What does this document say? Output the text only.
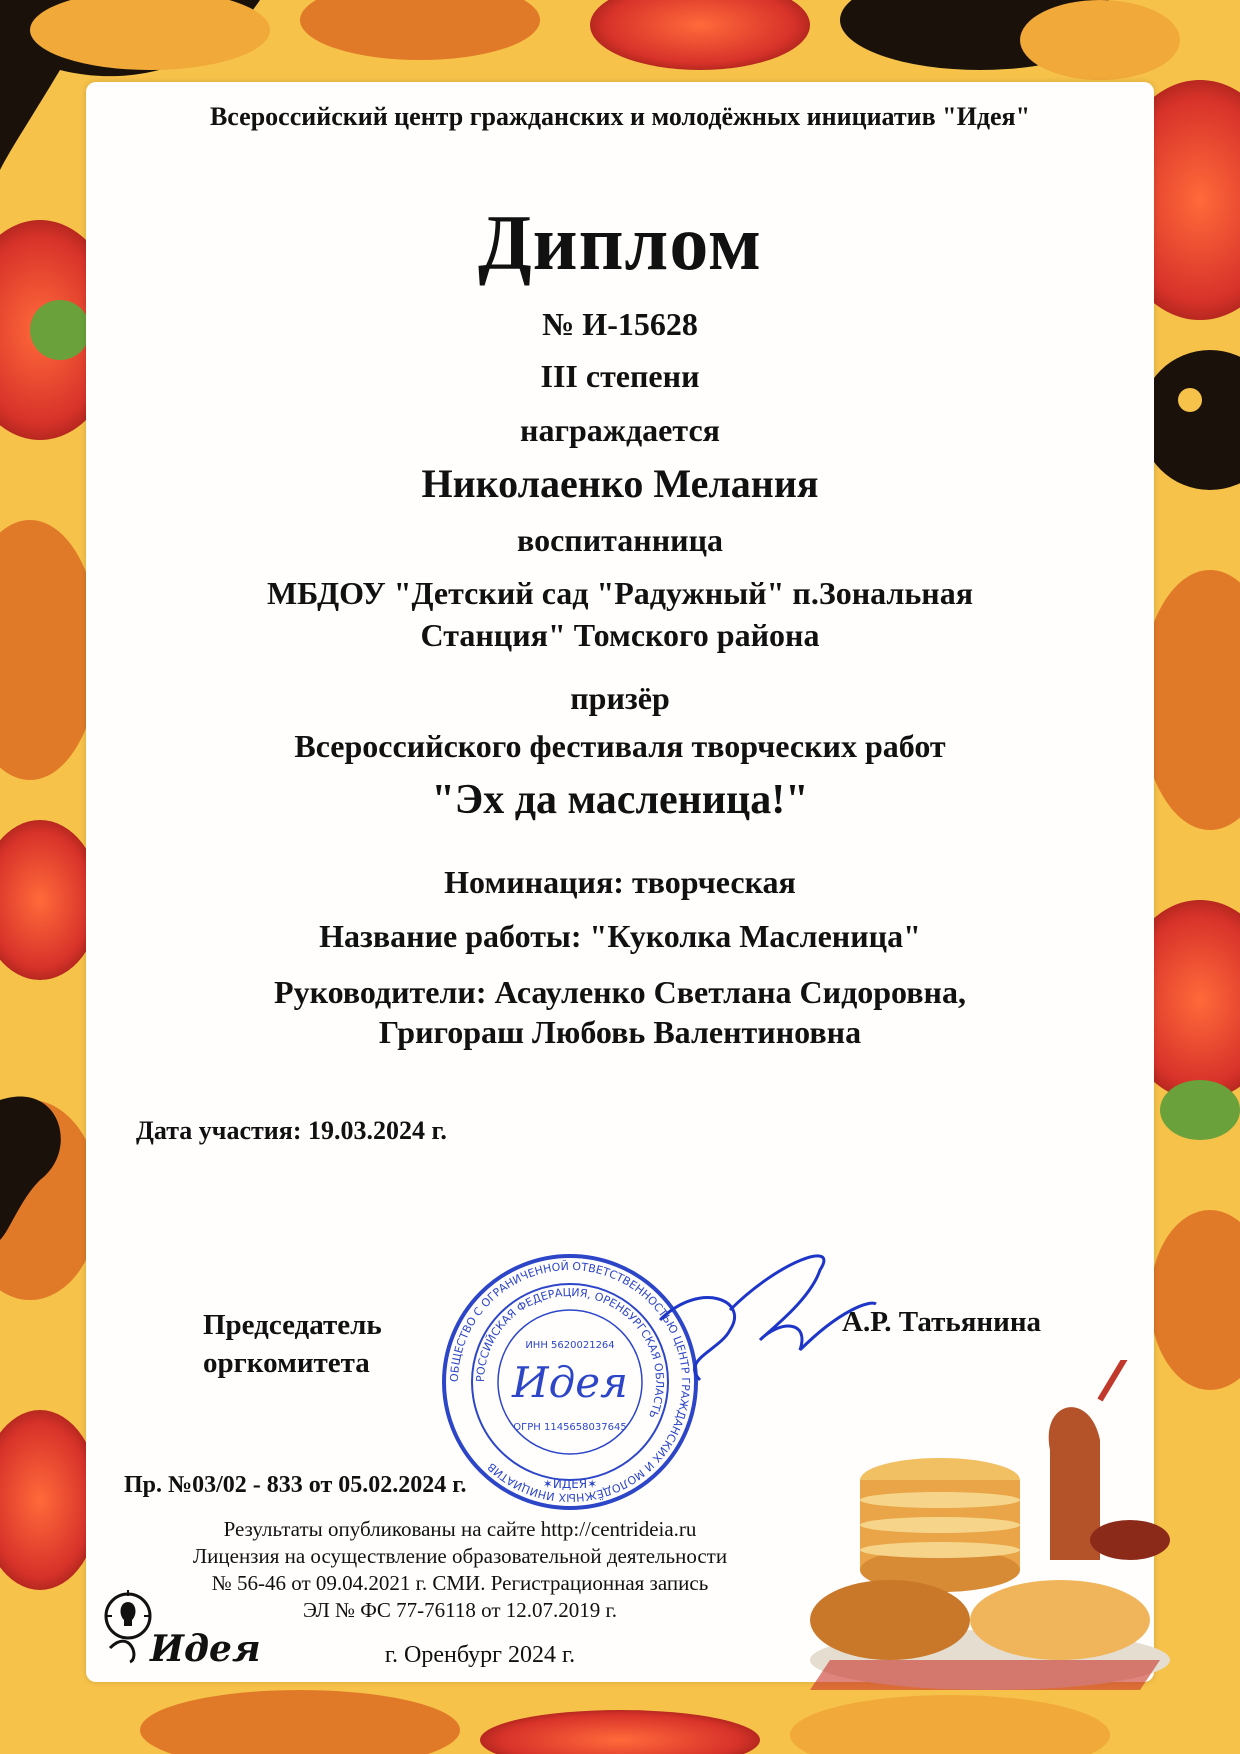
Всероссийский центр гражданских и молодёжных инициатив "Идея"
Диплом
№ И-15628
III степени
награждается
Николаенко Мелания
воспитанница
МБДОУ "Детский сад "Радужный" п.Зональная
Станция" Томского района
призёр
Всероссийского фестиваля творческих работ
"Эх да масленица!"
Номинация: творческая
Название работы: "Куколка Масленица"
Руководители: Асауленко Светлана Сидоровна,
Григораш Любовь Валентиновна
Дата участия: 19.03.2024 г.
Председатель
оргкомитета
А.Р. Татьянина
ОБЩЕСТВО С ОГРАНИЧЕННОЙ ОТВЕТСТВЕННОСТЬЮ ЦЕНТР ГРАЖДАНСКИХ И МОЛОДЁЖНЫХ ИНИЦИАТИВ
РОССИЙСКАЯ ФЕДЕРАЦИЯ, ОРЕНБУРГСКАЯ ОБЛАСТЬ
ИНН 5620021264
Идея
ОГРН 1145658037645
✶ИДЕЯ✶
Пр. №03/02 - 833 от 05.02.2024 г.
Результаты опубликованы на сайте http://centrideia.ru
Лицензия на осуществление образовательной деятельности
№ 56-46 от 09.04.2021 г. СМИ. Регистрационная запись
ЭЛ № ФС 77-76118 от 12.07.2019 г.
г. Оренбург 2024 г.
Идея
